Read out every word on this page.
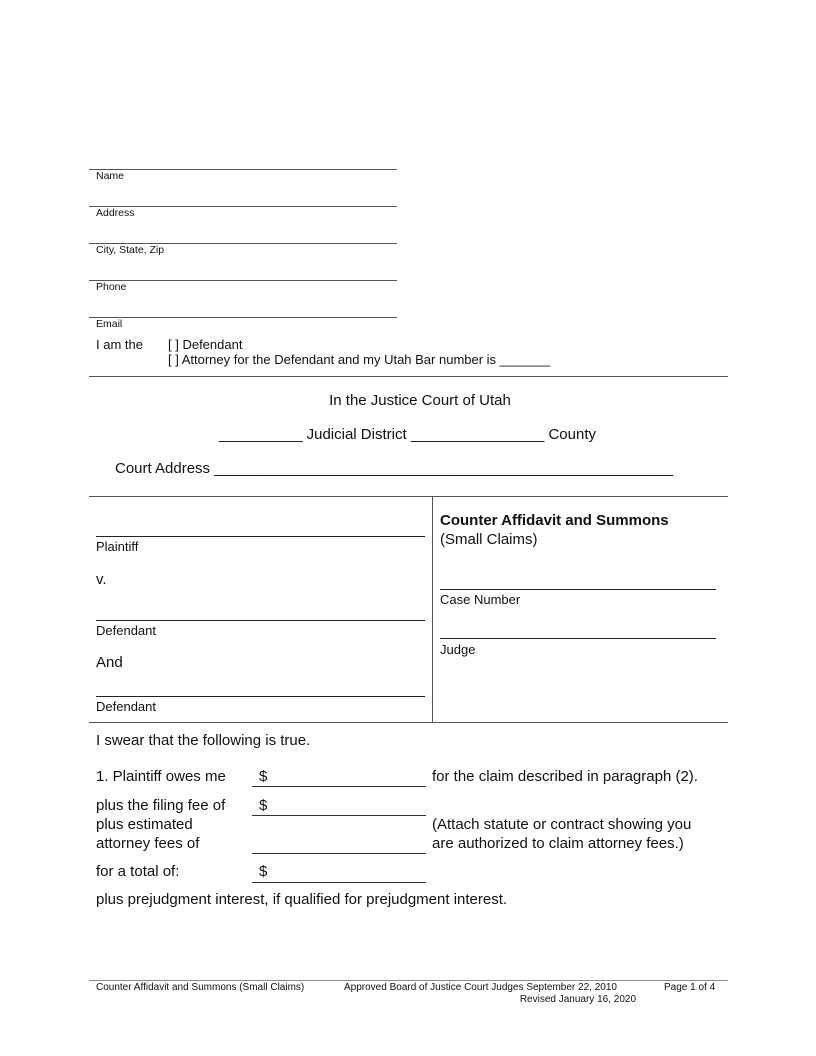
Name
Address
City, State, Zip
Phone
Email
I am the [ ] Defendant
[ ] Attorney for the Defendant and my Utah Bar number is _______
In the Justice Court of Utah
__________ Judicial District ________________ County
Court Address _______________________________________________________
Plaintiff
v.
Defendant
And
Defendant
Counter Affidavit and Summons
(Small Claims)
Case Number
Judge
I swear that the following is true.
1. Plaintiff owes me $	for the claim described in paragraph (2).
plus the filing fee of $
plus estimated
attorney fees of
(Attach statute or contract showing you
are authorized to claim attorney fees.)
for a total of:	$
plus prejudgment interest, if qualified for prejudgment interest.
Counter Affidavit and Summons (Small Claims)	Approved Board of Justice Court Judges September 22, 2010
Revised January 16, 2020
Page 1 of 4
